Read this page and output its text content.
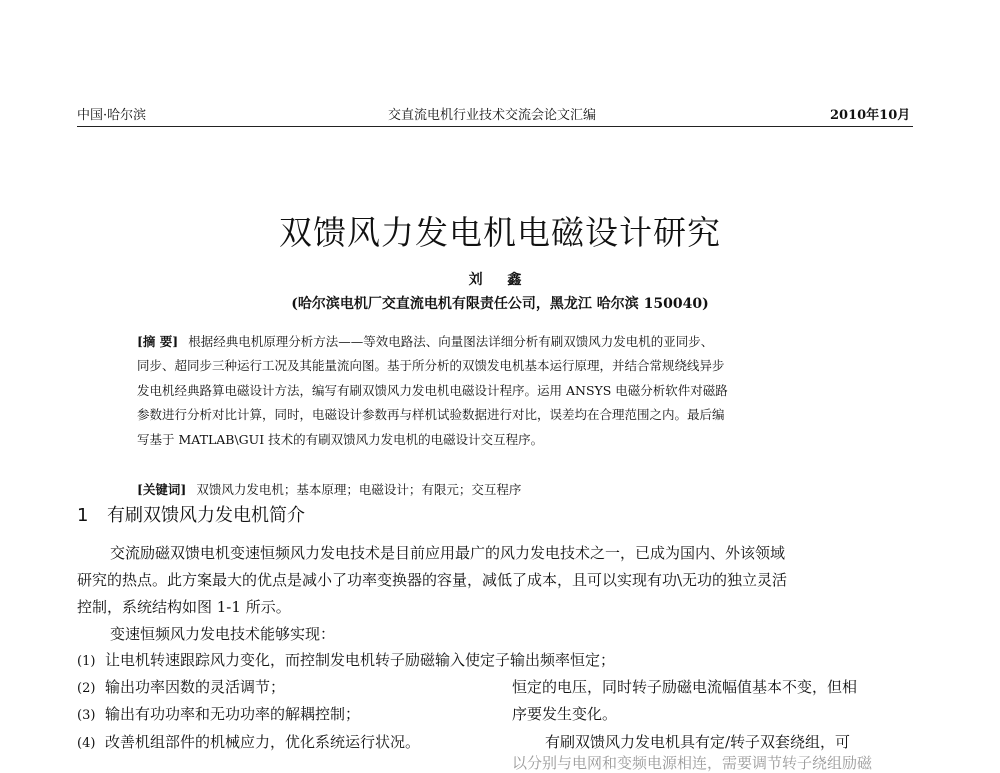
中国·哈尔滨	交直流电机行业技术交流会论文汇编	2010年10月
双馈风力发电机电磁设计研究
刘 鑫
(哈尔滨电机厂交直流电机有限责任公司，黑龙江 哈尔滨 150040)
[摘 要] 根据经典电机原理分析方法——等效电路法、向量图法详细分析有刷双馈风力发电机的亚同步、
同步、超同步三种运行工况及其能量流向图。基于所分析的双馈发电机基本运行原理，并结合常规绕线异步
发电机经典路算电磁设计方法，编写有刷双馈风力发电机电磁设计程序。运用 ANSYS 电磁分析软件对磁路
参数进行分析对比计算，同时，电磁设计参数再与样机试验数据进行对比，误差均在合理范围之内。最后编
写基于 MATLAB\GUI 技术的有刷双馈风力发电机的电磁设计交互程序。
[关键词] 双馈风力发电机；基本原理；电磁设计；有限元；交互程序
1 有刷双馈风力发电机简介
交流励磁双馈电机变速恒频风力发电技术是目前应用最广的风力发电技术之一，已成为国内、外该领域
研究的热点。此方案最大的优点是减小了功率变换器的容量，减低了成本，且可以实现有功\无功的独立灵活
控制，系统结构如图 1-1 所示。
变速恒频风力发电技术能够实现：
(1) 让电机转速跟踪风力变化，而控制发电机转子励磁输入使定子输出频率恒定；
(2) 输出功率因数的灵活调节；
(3) 输出有功功率和无功功率的解耦控制；
(4) 改善机组部件的机械应力，优化系统运行状况。
恒定的电压，同时转子励磁电流幅值基本不变，但相
序要发生变化。
有刷双馈风力发电机具有定/转子双套绕组，可
以分别与电网和变频电源相连，需要调节转子绕组励磁
